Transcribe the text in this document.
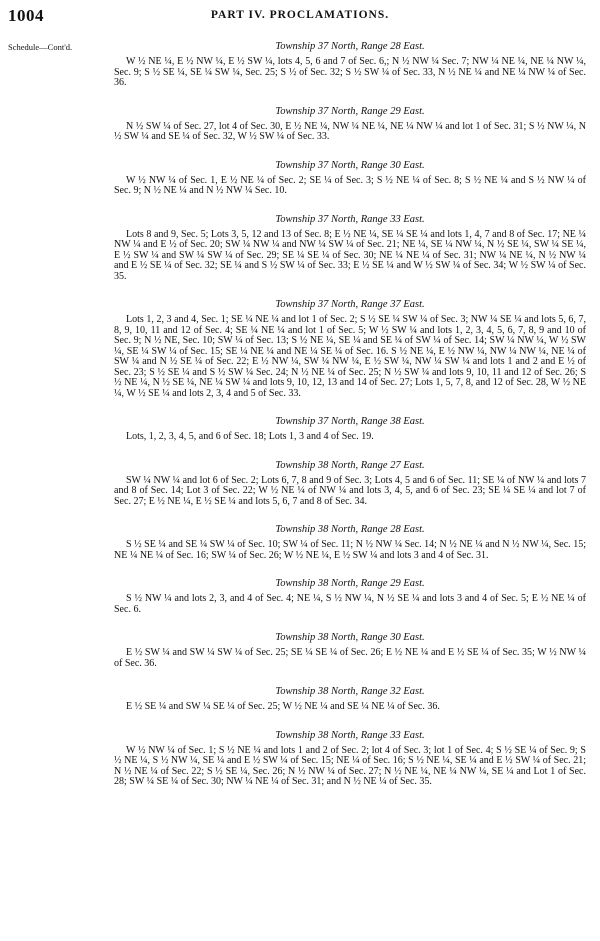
1004	PART IV. PROCLAMATIONS.
Schedule—Cont'd.	Township 37 North, Range 28 East.

W ½ NE ¼, E ½ NW ¼, E ½ SW ¼, lots 4, 5, 6 and 7 of Sec. 6,; N ½ NW ¼ Sec. 7; NW ¼ NE ¼, NE ¼ NW ¼, Sec. 9; S ½ SE ¼, SE ¼ SW ¼, Sec. 25; S ½ of Sec. 32; S ½ SW ¼ of Sec. 33, N ½ NE ¼ and NE ¼ NW ¼ of Sec. 36.

Township 37 North, Range 29 East.

N ½ SW ¼ of Sec. 27, lot 4 of Sec. 30, E ½ NE ¼, NW ¼ NE ¼, NE ¼ NW ¼ and lot 1 of Sec. 31; S ½ NW ¼, N ½ SW ¼ and SE ¼ of Sec. 32, W ½ SW ¼ of Sec. 33.

Township 37 North, Range 30 East.

W ½ NW ¼ of Sec. 1, E ½ NE ¼ of Sec. 2; SE ¼ of Sec. 3; S ½ NE ¼ of Sec. 8; S ½ NE ¼ and S ½ NW ¼ of Sec. 9; N ½ NE ¼ and N ½ NW ¼ Sec. 10.

Township 37 North, Range 33 East.

Lots 8 and 9, Sec. 5; Lots 3, 5, 12 and 13 of Sec. 8; E ½ NE ¼, SE ¼ SE ¼ and lots 1, 4, 7 and 8 of Sec. 17; NE ¼ NW ¼ and E ½ of Sec. 20; SW ¼ NW ¼ and NW ¼ SW ¼ of Sec. 21; NE ¼, SE ¼ NW ¼, N ½ SE ¼, SW ¼ SE ¼, E ½ SW ¼ and SW ¼ SW ¼ of Sec. 29; SE ¼ SE ¼ of Sec. 30; NE ¼ NE ¼ of Sec. 31; NW ¼ NE ¼, N ½ NW ¼ and E ½ SE ¼ of Sec. 32; SE ¼ and S ½ SW ¼ of Sec. 33; E ½ SE ¼ and W ½ SW ¼ of Sec. 34; W ½ SW ¼ of Sec. 35.

Township 37 North, Range 37 East.

Lots 1, 2, 3 and 4, Sec. 1; SE ¼ NE ¼ and lot 1 of Sec. 2; S ½ SE ¼ SW ¼ of Sec. 3; NW ¼ SE ¼ and lots 5, 6, 7, 8, 9, 10, 11 and 12 of Sec. 4; SE ¼ NE ¼ and lot 1 of Sec. 5; W ½ SW ¼ and lots 1, 2, 3, 4, 5, 6, 7, 8, 9 and 10 of Sec. 9; N ½ NE, Sec. 10; SW ¼ of Sec. 13; S ½ NE ¼, SE ¼ and SE ¼ of SW ¼ of Sec. 14; SW ¼ NW ¼, W ½ SW ¼, SE ¼ SW ¼ of Sec. 15; SE ¼ NE ¼ and NE ¼ SE ¼ of Sec. 16. S ½ NE ¼, E ½ NW ¼, NW ¼ NW ¼, NE ¼ of SW ¼ and N ½ SE ¼ of Sec. 22; E ½ NW ¼, SW ¼ NW ¼, E ½ SW ¼, NW ¼ SW ¼ and lots 1 and 2 and E ½ of Sec. 23; S ½ SE ¼ and S ½ SW ¼ Sec. 24; N ½ NE ¼ of Sec. 25; N ½ SW ¼ and lots 9, 10, 11 and 12 of Sec. 26; S ½ NE ¼, N ½ SE ¼, NE ¼ SW ¼ and lots 9, 10, 12, 13 and 14 of Sec. 27; Lots 1, 5, 7, 8, and 12 of Sec. 28, W ½ NE ¼, W ½ SE ¼ and lots 2, 3, 4 and 5 of Sec. 33.

Township 37 North, Range 38 East.

Lots, 1, 2, 3, 4, 5, and 6 of Sec. 18; Lots 1, 3 and 4 of Sec. 19.

Township 38 North, Range 27 East.

SW ¼ NW ¼ and lot 6 of Sec. 2; Lots 6, 7, 8 and 9 of Sec. 3; Lots 4, 5 and 6 of Sec. 11; SE ¼ of NW ¼ and lots 7 and 8 of Sec. 14; Lot 3 of Sec. 22; W ½ NE ¼ of NW ¼ and lots 3, 4, 5, and 6 of Sec. 23; SE ¼ SE ¼ and lot 7 of Sec. 27; E ½ NE ¼, E ½ SE ¼ and lots 5, 6, 7 and 8 of Sec. 34.

Township 38 North, Range 28 East.

S ½ SE ¼ and SE ¼ SW ¼ of Sec. 10; SW ¼ of Sec. 11; N ½ NW ¼ Sec. 14; N ½ NE ¼ and N ½ NW ¼, Sec. 15; NE ¼ NE ¼ of Sec. 16; SW ¼ of Sec. 26; W ½ NE ¼, E ½ SW ¼ and lots 3 and 4 of Sec. 31.

Township 38 North, Range 29 East.

S ½ NW ¼ and lots 2, 3, and 4 of Sec. 4; NE ¼, S ½ NW ¼, N ½ SE ¼ and lots 3 and 4 of Sec. 5; E ½ NE ¼ of Sec. 6.

Township 38 North, Range 30 East.

E ½ SW ¼ and SW ¼ SW ¼ of Sec. 25; SE ¼ SE ¼ of Sec. 26; E ½ NE ¼ and E ½ SE ¼ of Sec. 35; W ½ NW ¼ of Sec. 36.

Township 38 North, Range 32 East.

E ½ SE ¼ and SW ¼ SE ¼ of Sec. 25; W ½ NE ¼ and SE ¼ NE ¼ of Sec. 36.

Township 38 North, Range 33 East.

W ½ NW ¼ of Sec. 1; S ½ NE ¼ and lots 1 and 2 of Sec. 2; lot 4 of Sec. 3; lot 1 of Sec. 4; S ½ SE ¼ of Sec. 9; S ½ NE ¼, S ½ NW ¼, SE ¼ and E ½ SW ¼ of Sec. 15; NE ¼ of Sec. 16; S ½ NE ¼, SE ¼ and E ½ SW ¼ of Sec. 21; N ½ NE ¼ of Sec. 22; S ½ SE ¼, Sec. 26; N ½ NW ¼ of Sec. 27; N ½ NE ¼, NE ¼ NW ¼, SE ¼ and Lot 1 of Sec. 28; SW ¼ SE ¼ of Sec. 30; NW ¼ NE ¼ of Sec. 31; and N ½ NE ¼ of Sec. 35.
